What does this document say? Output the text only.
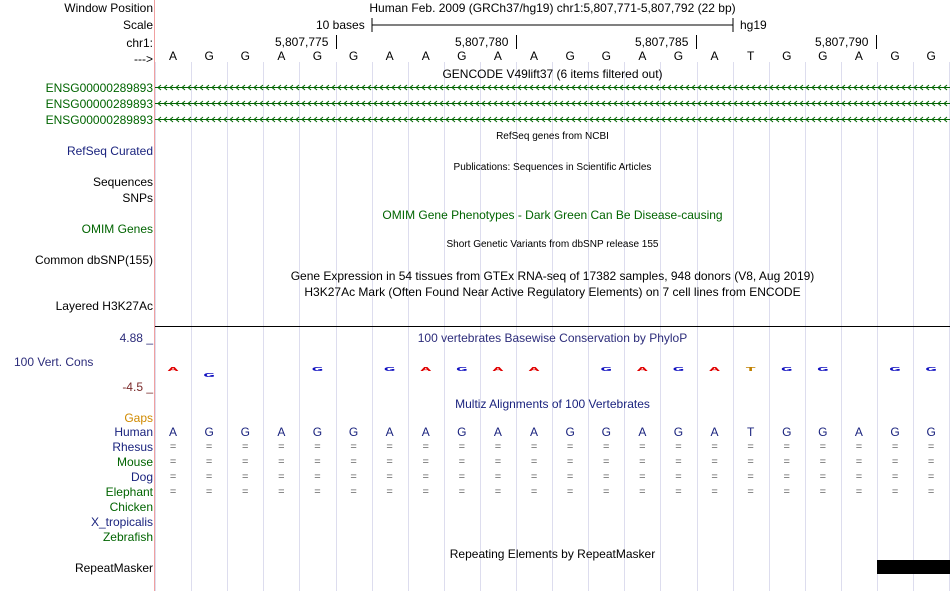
Window Position
Scale
chr1:
--->
ENSG00000289893
ENSG00000289893
ENSG00000289893
RefSeq Curated
Sequences
SNPs
OMIM Genes
Common dbSNP(155)
Layered H3K27Ac
4.88 _
100 Vert. Cons
-4.5 _
Gaps
Human
Rhesus
Mouse
Dog
Elephant
Chicken
X_tropicalis
Zebrafish
RepeatMasker
A
G
G	G A G A A	G A G A T G G	G G
Human Feb. 2009 (GRCh37/hg19) chr1:5,807,771-5,807,792 (22 bp)
10 bases	hg19
5,807,775	5,807,780	5,807,785	5,807,790
A	G	G	A	G	G	A	A	G	A	A	G	G	A	G	A	T	G	G	A	G	G
GENCODE V49lift37 (6 items filtered out)
RefSeq genes from NCBI
Publications: Sequences in Scientific Articles
OMIM Gene Phenotypes - Dark Green Can Be Disease-causing
Short Genetic Variants from dbSNP release 155
Gene Expression in 54 tissues from GTEx RNA-seq of 17382 samples, 948 donors (V8, Aug 2019)
H3K27Ac Mark (Often Found Near Active Regulatory Elements) on 7 cell lines from ENCODE
100 vertebrates Basewise Conservation by PhyloP
Multiz Alignments of 100 Vertebrates
A	G	G	A	G	G	A	A	G	A	A	G	G	A	G	A	T	G	G	A	G	G
=	=	=	=	=	=	=	=	=	=	=	=	=	=	=	=	=	=	=	=	=	=
=	=	=	=	=	=	=	=	=	=	=	=	=	=	=	=	=	=	=	=	=	=
=	=	=	=	=	=	=	=	=	=	=	=	=	=	=	=	=	=	=	=	=	=
=	=	=	=	=	=	=	=	=	=	=	=	=	=	=	=	=	=	=	=	=	=
Repeating Elements by RepeatMasker
